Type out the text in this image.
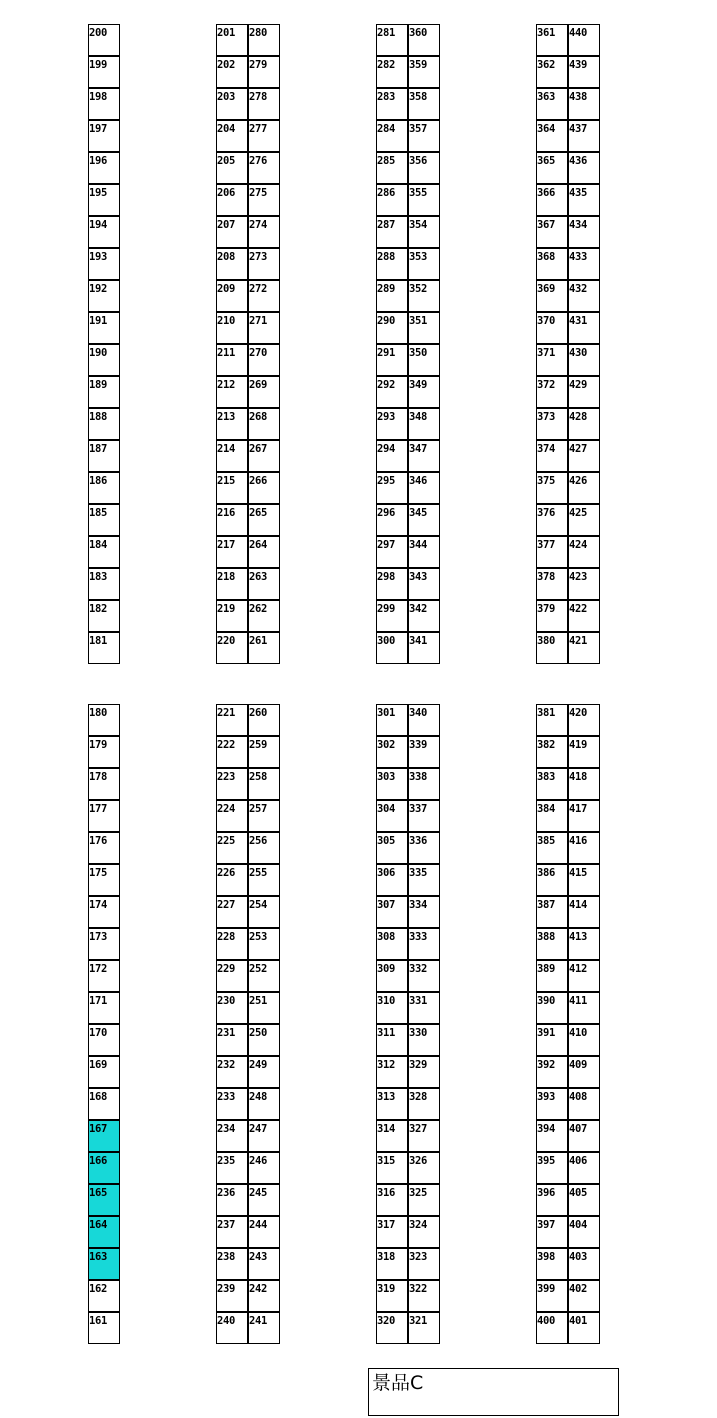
200
199
198
197
196
195
194
193
192
191
190
189
188
187
186
185
184
183
182
181
201
202
203
204
205
206
207
208
209
210
211
212
213
214
215
216
217
218
219
220
280
279
278
277
276
275
274
273
272
271
270
269
268
267
266
265
264
263
262
261
281
282
283
284
285
286
287
288
289
290
291
292
293
294
295
296
297
298
299
300
360
359
358
357
356
355
354
353
352
351
350
349
348
347
346
345
344
343
342
341
361
362
363
364
365
366
367
368
369
370
371
372
373
374
375
376
377
378
379
380
440
439
438
437
436
435
434
433
432
431
430
429
428
427
426
425
424
423
422
421
180
179
178
177
176
175
174
173
172
171
170
169
168
167
166
165
164
163
162
161
221
222
223
224
225
226
227
228
229
230
231
232
233
234
235
236
237
238
239
240
260
259
258
257
256
255
254
253
252
251
250
249
248
247
246
245
244
243
242
241
301
302
303
304
305
306
307
308
309
310
311
312
313
314
315
316
317
318
319
320
340
339
338
337
336
335
334
333
332
331
330
329
328
327
326
325
324
323
322
321
381
382
383
384
385
386
387
388
389
390
391
392
393
394
395
396
397
398
399
400
420
419
418
417
416
415
414
413
412
411
410
409
408
407
406
405
404
403
402
401
景品C
